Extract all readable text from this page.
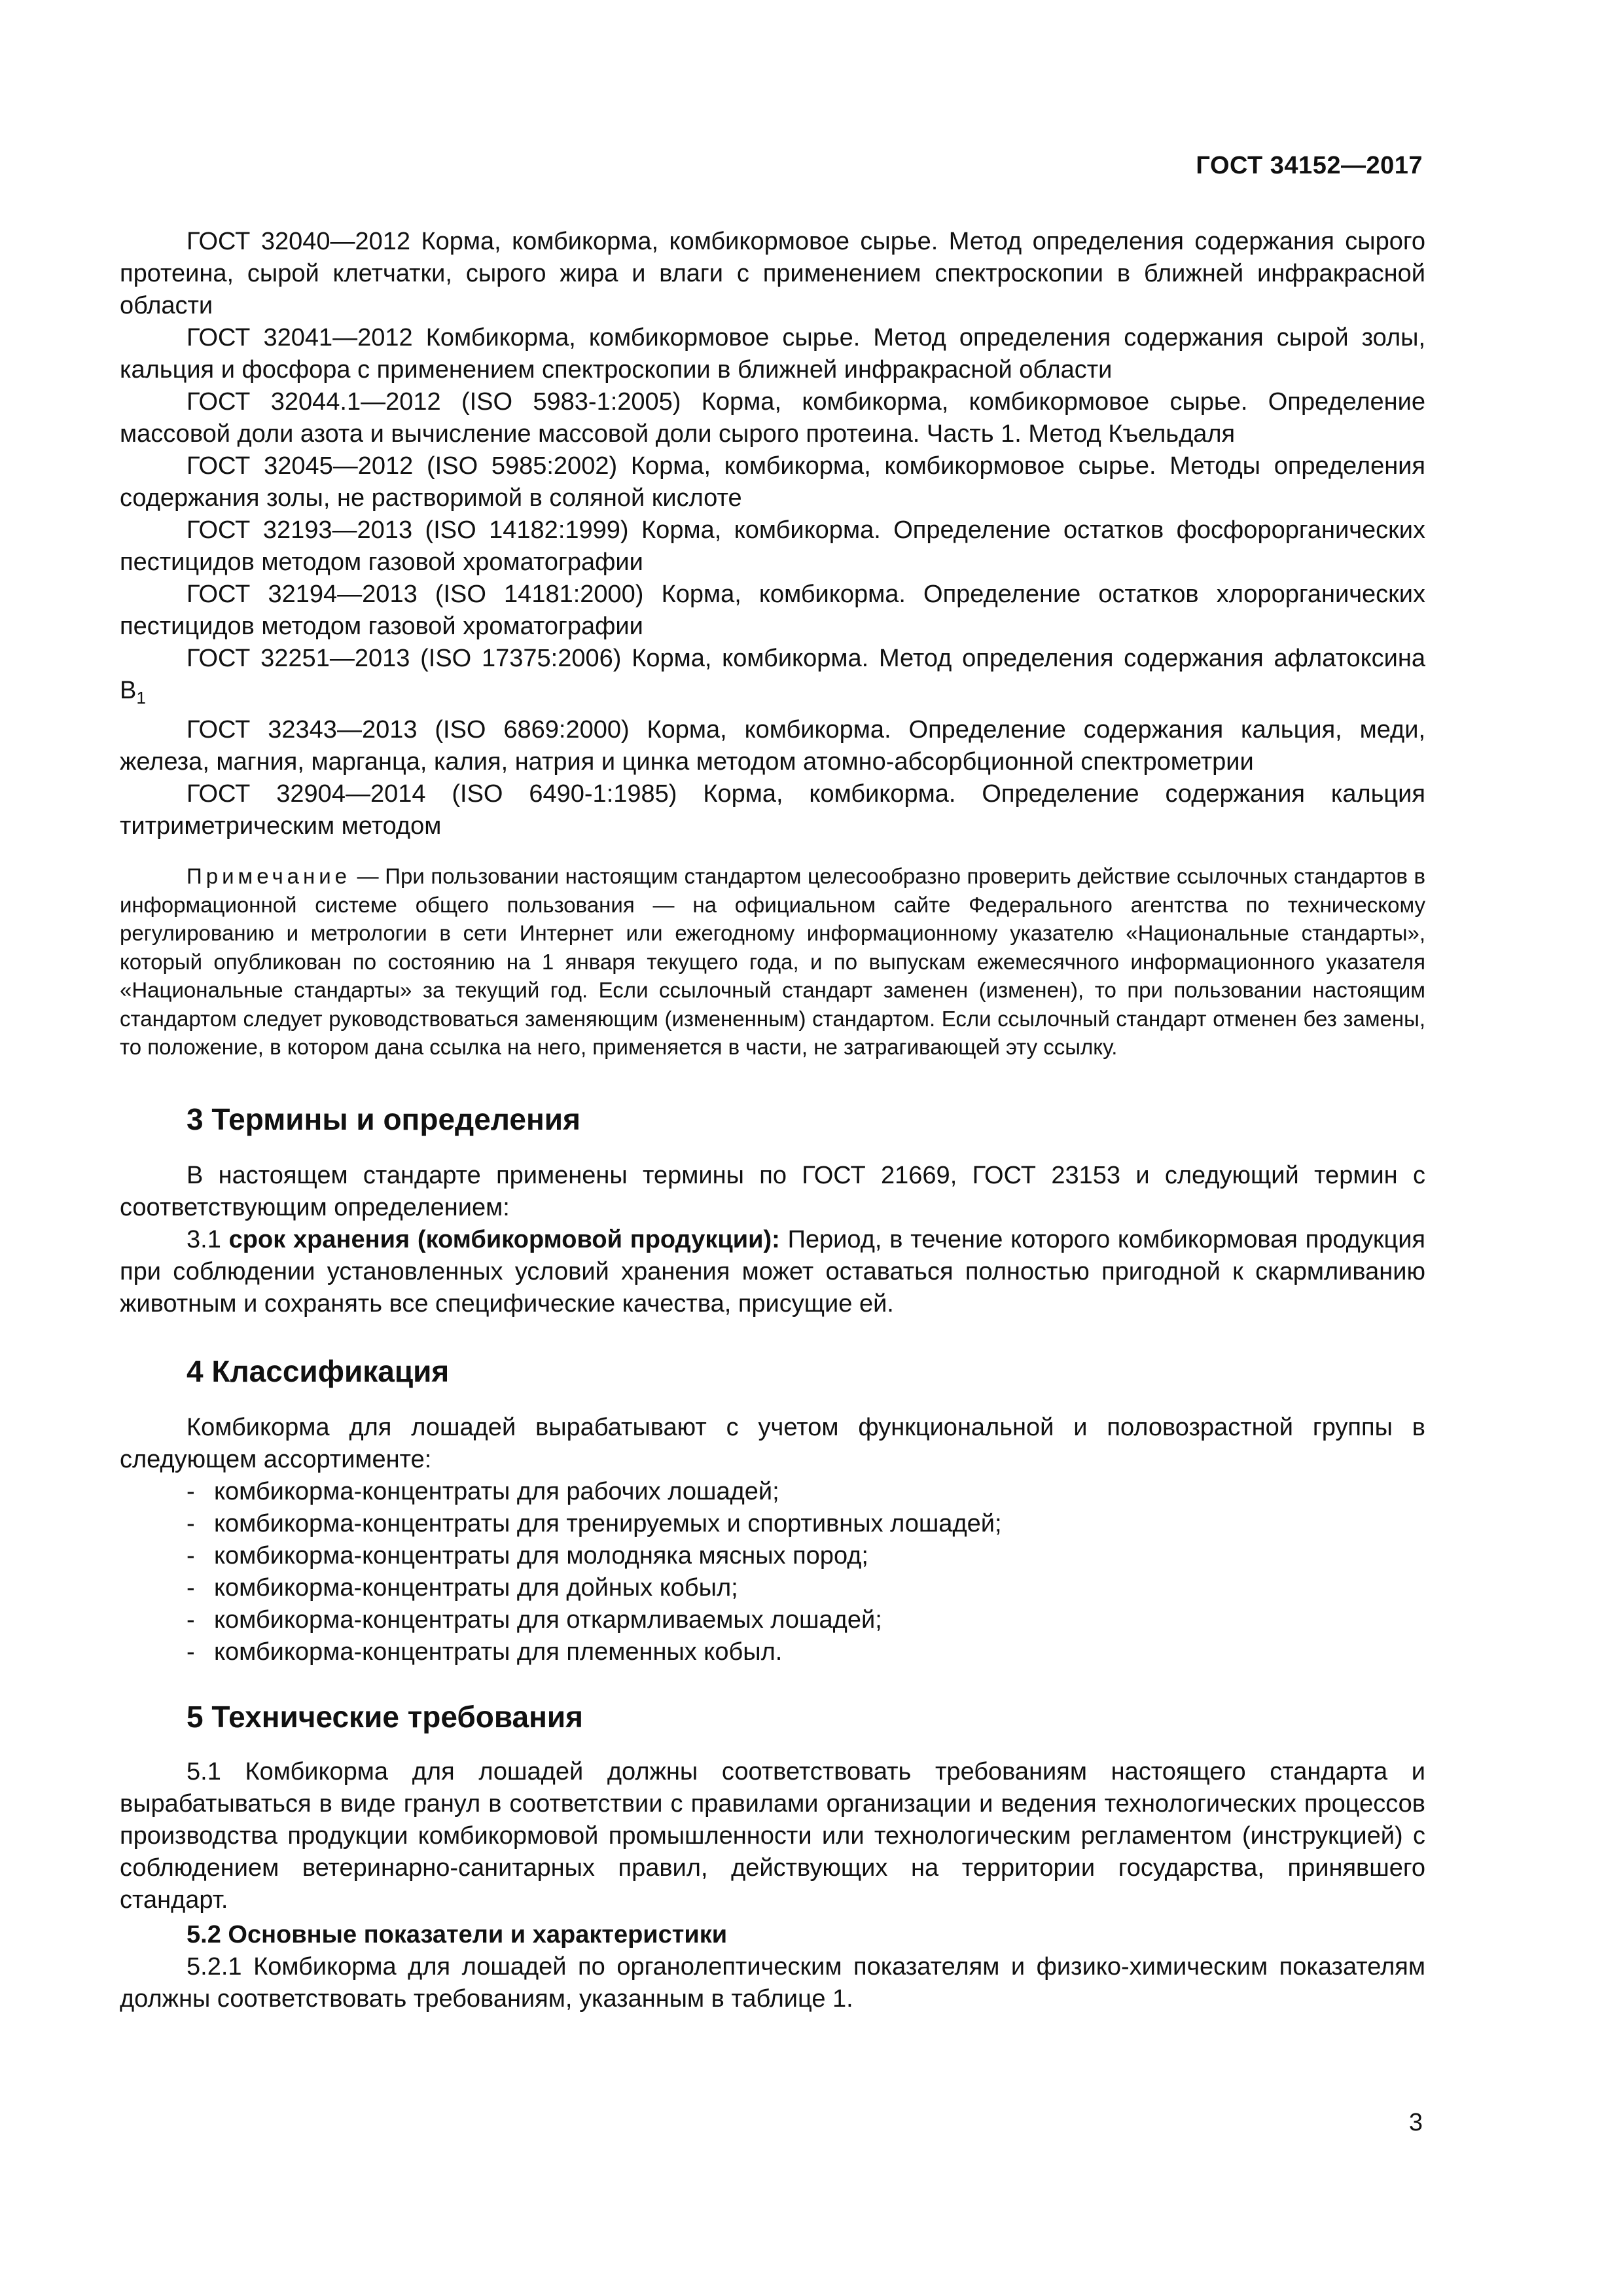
ГОСТ 34152—2017

ГОСТ 32040—2012 Корма, комбикорма, комбикормовое сырье. Метод определения содержания сырого протеина, сырой клетчатки, сырого жира и влаги с применением спектроскопии в ближней инфракрасной области

ГОСТ 32041—2012 Комбикорма, комбикормовое сырье. Метод определения содержания сырой золы, кальция и фосфора с применением спектроскопии в ближней инфракрасной области

ГОСТ 32044.1—2012 (ISO 5983-1:2005) Корма, комбикорма, комбикормовое сырье. Определение массовой доли азота и вычисление массовой доли сырого протеина. Часть 1. Метод Къельдаля

ГОСТ 32045—2012 (ISO 5985:2002) Корма, комбикорма, комбикормовое сырье. Методы определения содержания золы, не растворимой в соляной кислоте

ГОСТ 32193—2013 (ISO 14182:1999) Корма, комбикорма. Определение остатков фосфорорганических пестицидов методом газовой хроматографии

ГОСТ 32194—2013 (ISO 14181:2000) Корма, комбикорма. Определение остатков хлорорганических пестицидов методом газовой хроматографии

ГОСТ 32251—2013 (ISO 17375:2006) Корма, комбикорма. Метод определения содержания афлатоксина $B_1$

ГОСТ 32343—2013 (ISO 6869:2000) Корма, комбикорма. Определение содержания кальция, меди, железа, магния, марганца, калия, натрия и цинка методом атомно-абсорбционной спектрометрии

ГОСТ 32904—2014 (ISO 6490-1:1985) Корма, комбикорма. Определение содержания кальция титриметрическим методом

Примечание — При пользовании настоящим стандартом целесообразно проверить действие ссылочных стандартов в информационной системе общего пользования — на официальном сайте Федерального агентства по техническому регулированию и метрологии в сети Интернет или ежегодному информационному указателю «Национальные стандарты», который опубликован по состоянию на 1 января текущего года, и по выпускам ежемесячного информационного указателя «Национальные стандарты» за текущий год. Если ссылочный стандарт заменен (изменен), то при пользовании настоящим стандартом следует руководствоваться заменяющим (измененным) стандартом. Если ссылочный стандарт отменен без замены, то положение, в котором дана ссылка на него, применяется в части, не затрагивающей эту ссылку.

3 Термины и определения

В настоящем стандарте применены термины по ГОСТ 21669, ГОСТ 23153 и следующий термин с соответствующим определением:

3.1 срок хранения (комбикормовой продукции): Период, в течение которого комбикормовая продукция при соблюдении установленных условий хранения может оставаться полностью пригодной к скармливанию животным и сохранять все специфические качества, присущие ей.

4 Классификация

Комбикорма для лошадей вырабатывают с учетом функциональной и половозрастной группы в следующем ассортименте:

- комбикорма-концентраты для рабочих лошадей;
- комбикорма-концентраты для тренируемых и спортивных лошадей;
- комбикорма-концентраты для молодняка мясных пород;
- комбикорма-концентраты для дойных кобыл;
- комбикорма-концентраты для откармливаемых лошадей;
- комбикорма-концентраты для племенных кобыл.
5 Технические требования

5.1 Комбикорма для лошадей должны соответствовать требованиям настоящего стандарта и вырабатываться в виде гранул в соответствии с правилами организации и ведения технологических процессов производства продукции комбикормовой промышленности или технологическим регламентом (инструкцией) с соблюдением ветеринарно-санитарных правил, действующих на территории государства, принявшего стандарт.

5.2 Основные показатели и характеристики

5.2.1 Комбикорма для лошадей по органолептическим показателям и физико-химическим показателям должны соответствовать требованиям, указанным в таблице 1.

3
